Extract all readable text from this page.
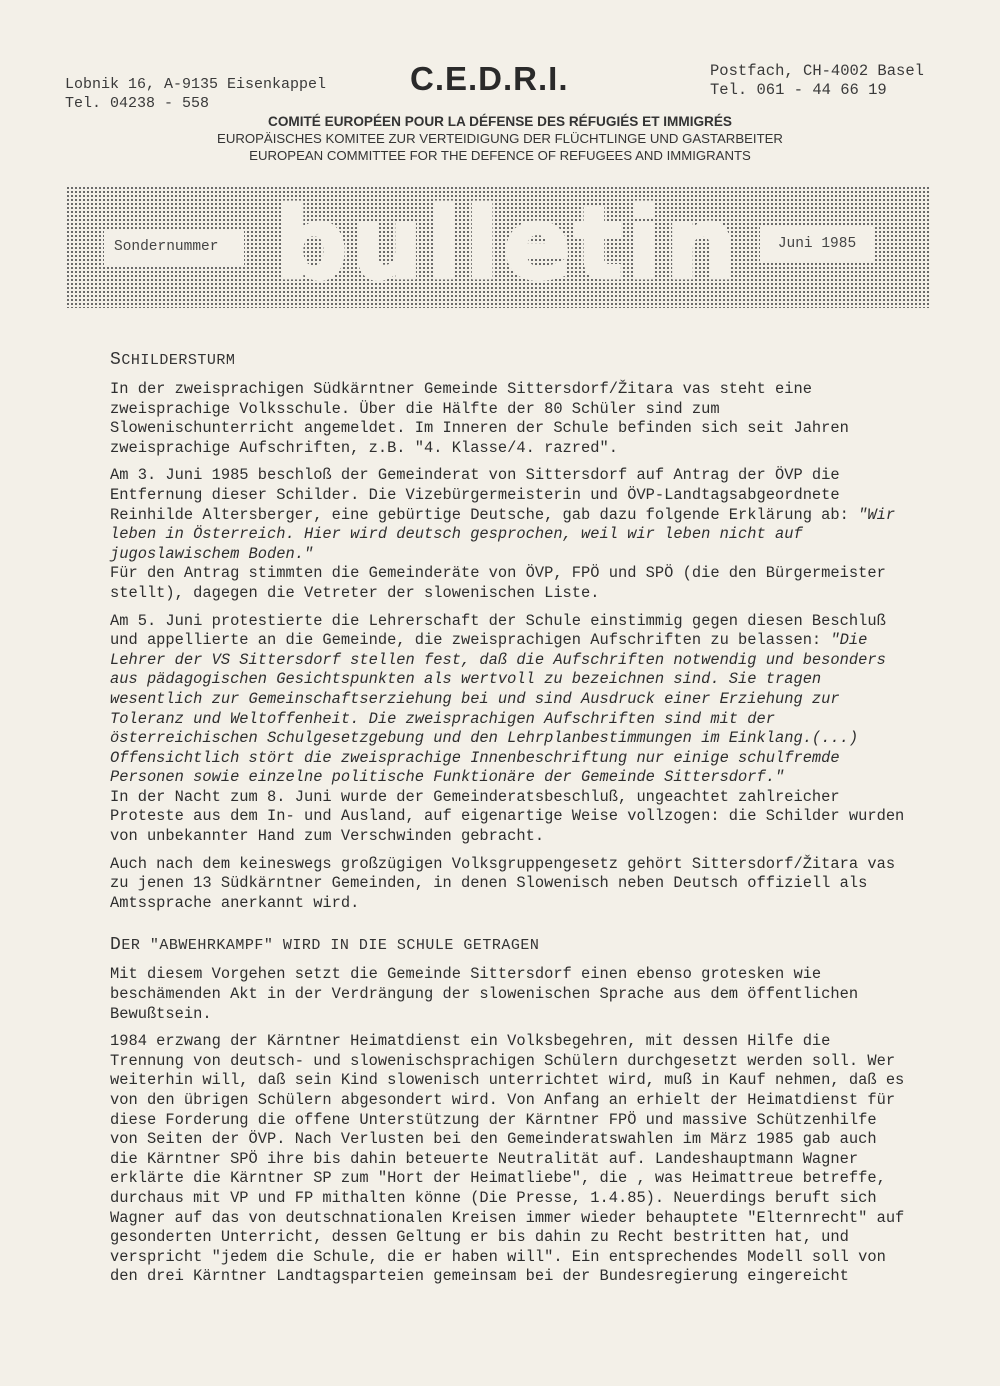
Lobnik 16, A-9135 Eisenkappel
Tel. 04238 - 558
C.E.D.R.I.	Postfach, CH-4002 Basel
Tel. 061 - 44 66 19
COMITÉ EUROPÉEN POUR LA DÉFENSE DES RÉFUGIÉS ET IMMIGRÉS
EUROPÄISCHES KOMITEE ZUR VERTEIDIGUNG DER FLÜCHTLINGE UND GASTARBEITER
EUROPEAN COMMITTEE FOR THE DEFENCE OF REFUGEES AND IMMIGRANTS
Sondernummer bulletin	Juni 1985
SCHILDERSTURM

In der zweisprachigen Südkärntner Gemeinde Sittersdorf/Žitara vas steht eine zweisprachige Volksschule. Über die Hälfte der 80 Schüler sind zum Slowenischunterricht angemeldet. Im Inneren der Schule befinden sich seit Jahren zweisprachige Aufschriften, z.B. "4. Klasse/4. razred".

Am 3. Juni 1985 beschloß der Gemeinderat von Sittersdorf auf Antrag der ÖVP die Entfernung dieser Schilder. Die Vizebürgermeisterin und ÖVP-Landtagsabgeordnete Reinhilde Altersberger, eine gebürtige Deutsche, gab dazu folgende Erklärung ab: "Wir leben in Österreich. Hier wird deutsch gesprochen, weil wir leben nicht auf jugoslawischem Boden."
Für den Antrag stimmten die Gemeinderäte von ÖVP, FPÖ und SPÖ (die den Bürgermeister stellt), dagegen die Vetreter der slowenischen Liste.

Am 5. Juni protestierte die Lehrerschaft der Schule einstimmig gegen diesen Beschluß und appellierte an die Gemeinde, die zweisprachigen Aufschriften zu belassen: "Die Lehrer der VS Sittersdorf stellen fest, daß die Aufschriften notwendig und besonders aus pädagogischen Gesichtspunkten als wertvoll zu bezeichnen sind. Sie tragen wesentlich zur Gemeinschaftserziehung bei und sind Ausdruck einer Erziehung zur Toleranz und Weltoffenheit. Die zweisprachigen Aufschriften sind mit der österreichischen Schulgesetzgebung und den Lehrplanbestimmungen im Einklang.(...) Offensichtlich stört die zweisprachige Innenbeschriftung nur einige schulfremde Personen sowie einzelne politische Funktionäre der Gemeinde Sittersdorf."
In der Nacht zum 8. Juni wurde der Gemeinderatsbeschluß, ungeachtet zahlreicher Proteste aus dem In- und Ausland, auf eigenartige Weise vollzogen: die Schilder wurden von unbekannter Hand zum Verschwinden gebracht.

Auch nach dem keineswegs großzügigen Volksgruppengesetz gehört Sittersdorf/Žitara vas zu jenen 13 Südkärntner Gemeinden, in denen Slowenisch neben Deutsch offiziell als Amtssprache anerkannt wird.

DER "ABWEHRKAMPF" WIRD IN DIE SCHULE GETRAGEN

Mit diesem Vorgehen setzt die Gemeinde Sittersdorf einen ebenso grotesken wie beschämenden Akt in der Verdrängung der slowenischen Sprache aus dem öffentlichen Bewußtsein.

1984 erzwang der Kärntner Heimatdienst ein Volksbegehren, mit dessen Hilfe die Trennung von deutsch- und slowenischsprachigen Schülern durchgesetzt werden soll. Wer weiterhin will, daß sein Kind slowenisch unterrichtet wird, muß in Kauf nehmen, daß es von den übrigen Schülern abgesondert wird. Von Anfang an erhielt der Heimatdienst für diese Forderung die offene Unterstützung der Kärntner FPÖ und massive Schützenhilfe von Seiten der ÖVP. Nach Verlusten bei den Gemeinderatswahlen im März 1985 gab auch die Kärntner SPÖ ihre bis dahin beteuerte Neutralität auf. Landeshauptmann Wagner erklärte die Kärntner SP zum "Hort der Heimatliebe", die , was Heimattreue betreffe, durchaus mit VP und FP mithalten könne (Die Presse, 1.4.85). Neuerdings beruft sich Wagner auf das von deutschnationalen Kreisen immer wieder behauptete "Elternrecht" auf gesonderten Unterricht, dessen Geltung er bis dahin zu Recht bestritten hat, und verspricht "jedem die Schule, die er haben will". Ein entsprechendes Modell soll von den drei Kärntner Landtagsparteien gemeinsam bei der Bundesregierung eingereicht
